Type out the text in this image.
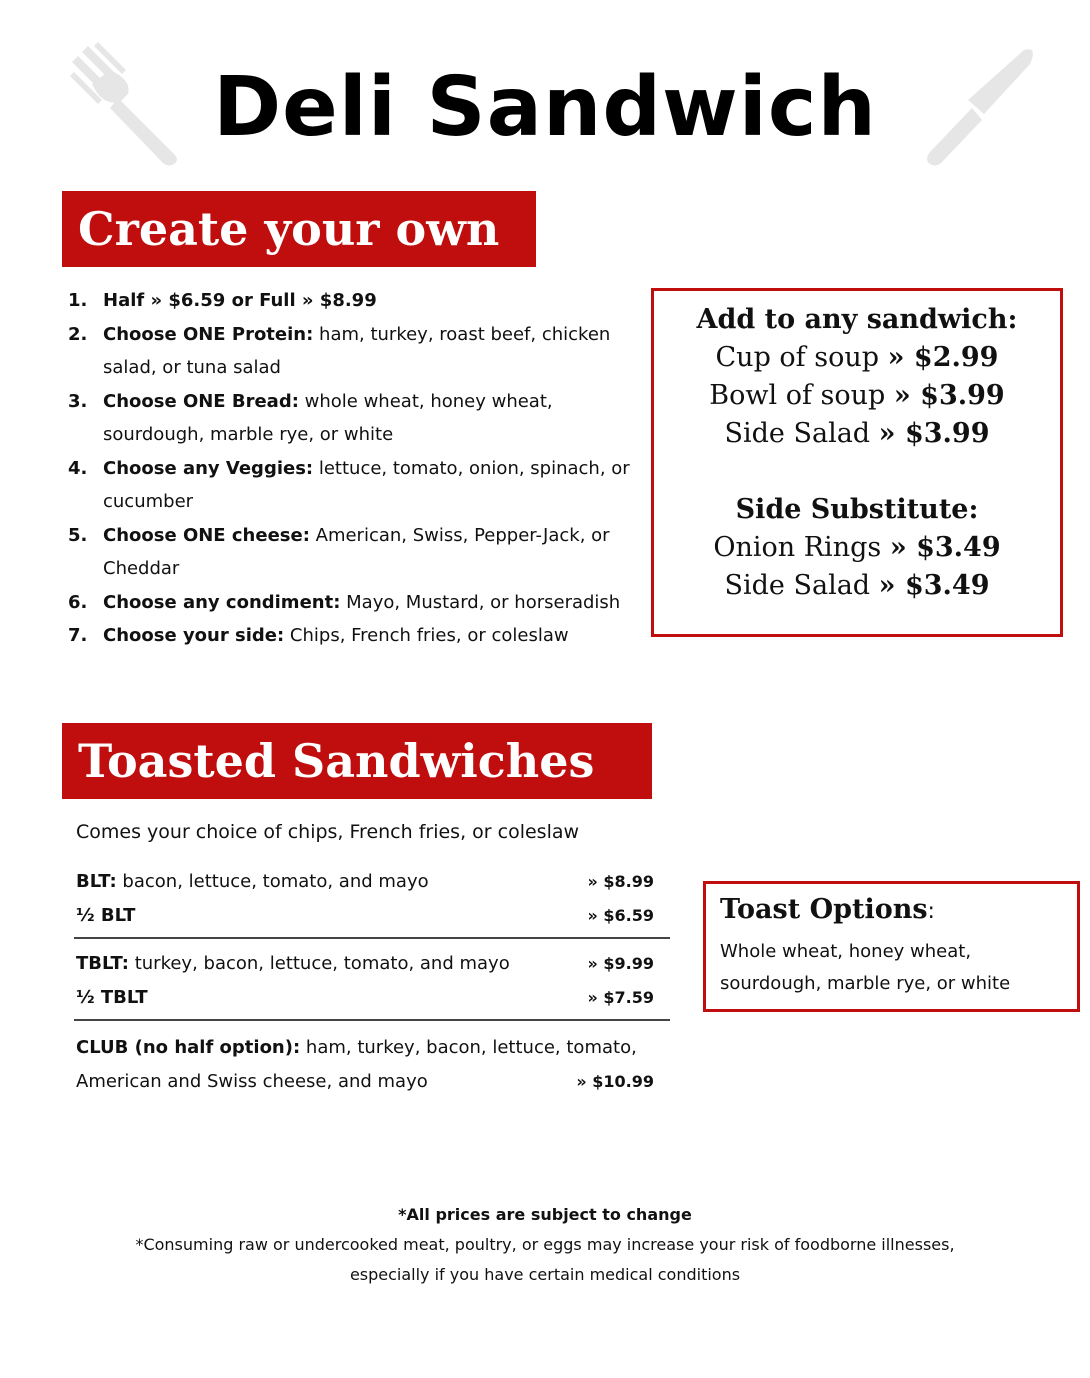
Deli Sandwich
Create your own
1. Half » $6.59 or Full » $8.99
2. Choose ONE Protein: ham, turkey, roast beef, chicken salad, or tuna salad
3. Choose ONE Bread: whole wheat, honey wheat, sourdough, marble rye, or white
4. Choose any Veggies: lettuce, tomato, onion, spinach, or cucumber
5. Choose ONE cheese: American, Swiss, Pepper-Jack, or Cheddar
6. Choose any condiment: Mayo, Mustard, or horseradish
7. Choose your side: Chips, French fries, or coleslaw
Add to any sandwich:
Cup of soup » $2.99
Bowl of soup » $3.99
Side Salad » $3.99
Side Substitute:
Onion Rings » $3.49
Side Salad » $3.49
Toasted Sandwiches
Comes your choice of chips, French fries, or coleslaw
BLT: bacon, lettuce, tomato, and mayo	» $8.99
½ BLT	» $6.59
TBLT: turkey, bacon, lettuce, tomato, and mayo	» $9.99
½ TBLT	» $7.59
CLUB (no half option): ham, turkey, bacon, lettuce, tomato,
American and Swiss cheese, and mayo	» $10.99
Toast Options:
Whole wheat, honey wheat, sourdough, marble rye, or white
*All prices are subject to change
*Consuming raw or undercooked meat, poultry, or eggs may increase your risk of foodborne illnesses,
especially if you have certain medical conditions
